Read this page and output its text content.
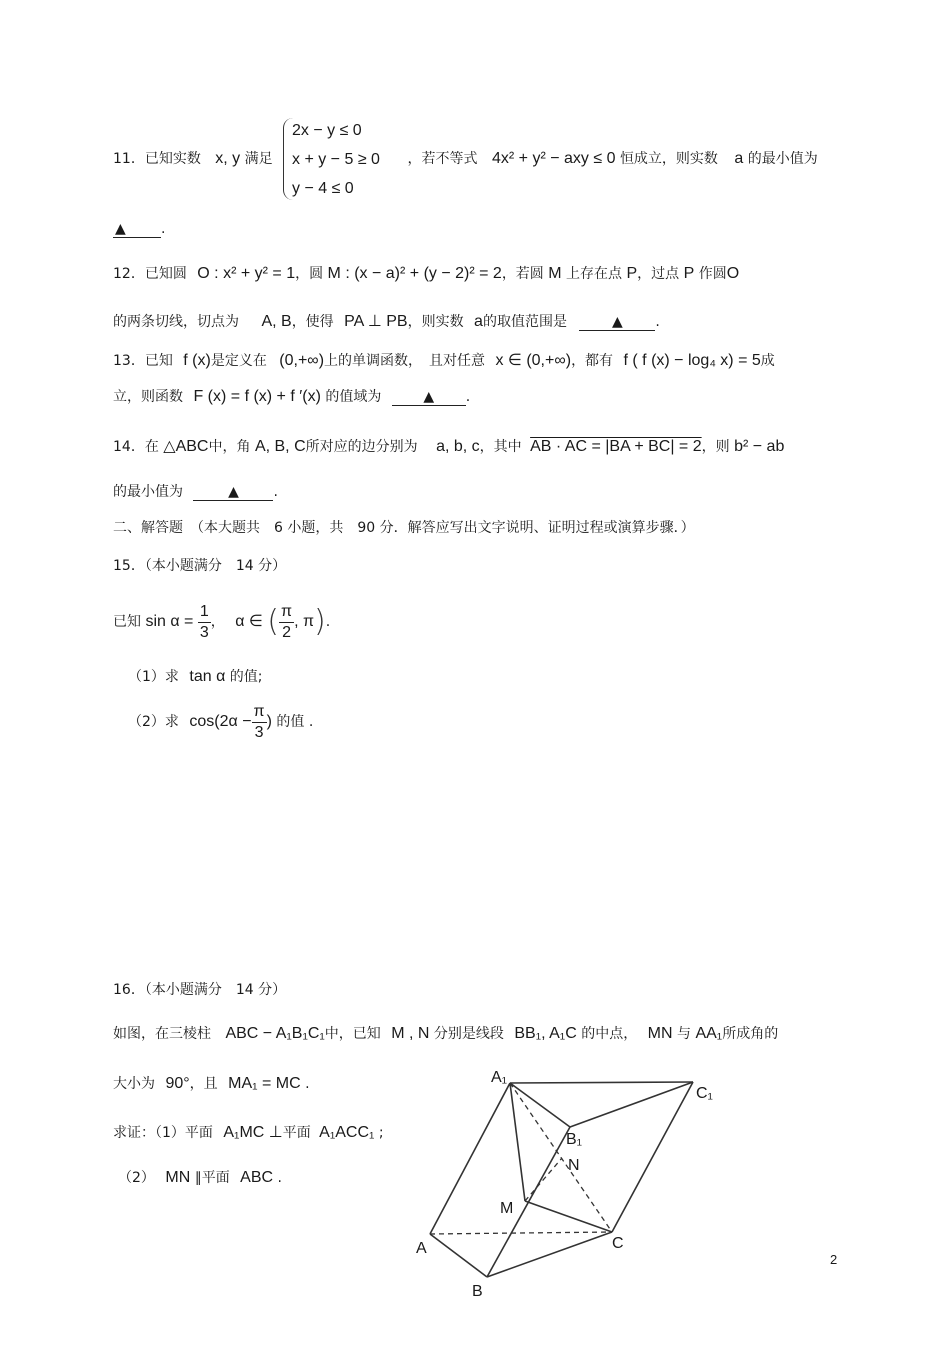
2x − y ≤ 0
x + y − 5 ≥ 0
y − 4 ≤ 0
11．已知实数 x, y 满足	，若不等式 4x² + y² − axy ≤ 0 恒成立，则实数 a 的最小值为
▲	.
12．已知圆 O : x² + y² = 1，圆 M : (x − a)² + (y − 2)² = 2，若圆 M 上存在点 P，过点 P 作圆O
的两条切线，切点为 A, B，使得 PA ⊥ PB，则实数 a的取值范围是	▲ .
13．已知 f (x)是定义在 (0,+∞)上的单调函数，　且对任意 x ∈ (0,+∞)，都有 f ( f (x) − log₄ x) = 5成
立，则函数 F (x) = f (x) + f ′(x) 的值域为	▲ .
14．在 △ABC中，角 A, B, C所对应的边分别为 a, b, c，其中 AB · AC = |BA + BC| = 2，则 b² − ab
的最小值为	▲ .
二、解答题　（本大题共　6 小题，共　90 分．解答应写出文字说明、证明过程或演算步骤．）
15．（本小题满分　14 分）
已知 $\sin \alpha = \frac{1}{3}$ ， α ∈ ( $\frac{\pi}{2}$ , π).
（1）求 tan α 的值;
（2）求 $\cos(2\alpha - \frac{\pi}{3}$ ) 的值 .
16．（本小题满分　14 分）
如图，在三棱柱 ABC − A₁B₁C₁中，已知 M , N 分别是线段 BB₁, A₁C 的中点， MN 与 AA₁所成角的
大小为 90°，且 MA₁ = MC .
求证：（1）平面 A₁MC ⊥平面 A₁ACC₁ ;
（2） MN ∥平面 ABC .
A₁
C₁
B₁
N
M
A	C
B
2
